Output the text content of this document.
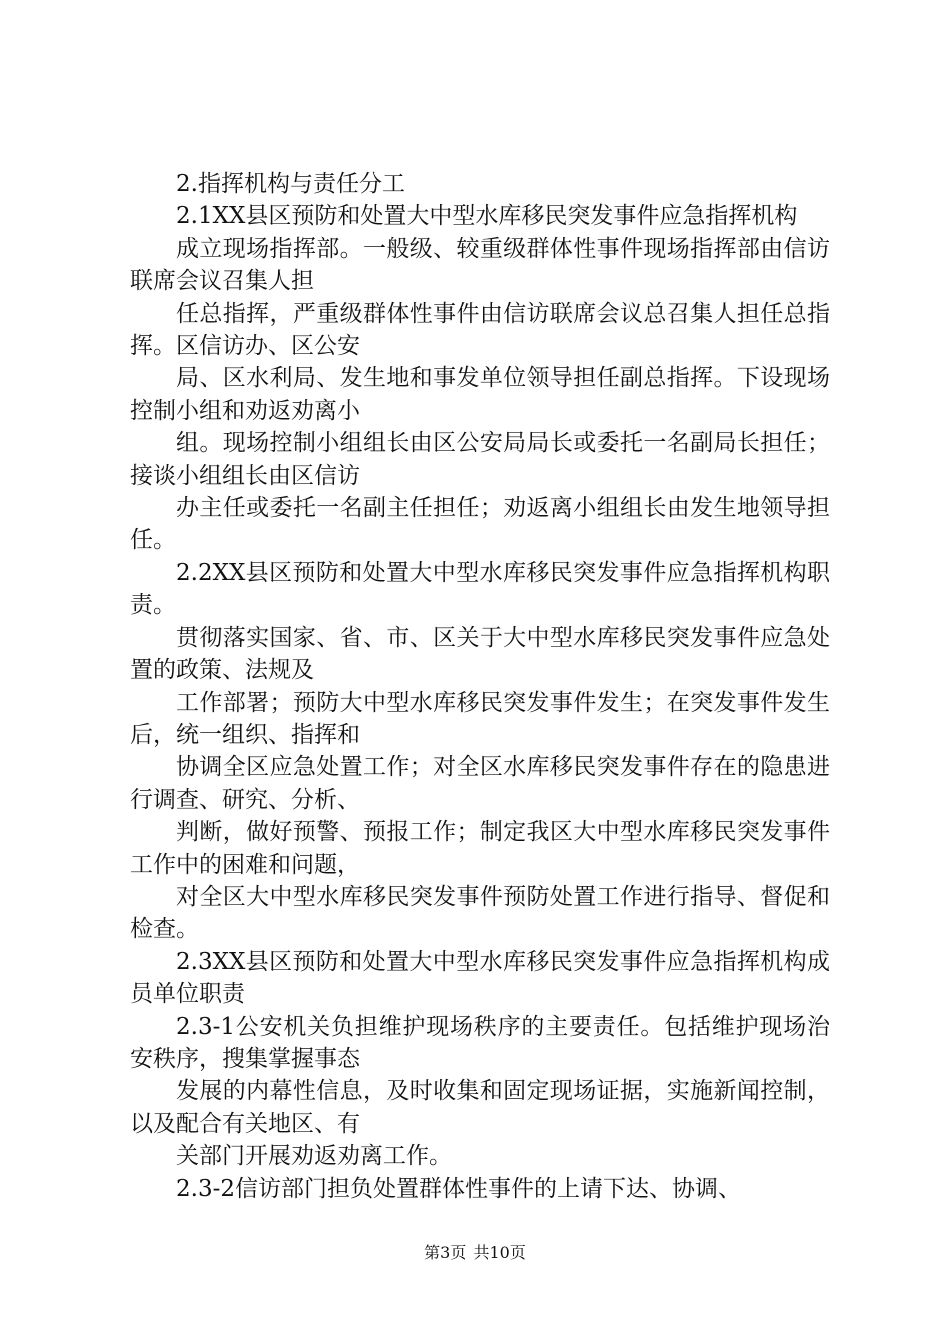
2.指挥机构与责任分工

2.1XX县区预防和处置大中型水库移民突发事件应急指挥机构

成立现场指挥部。一般级、较重级群体性事件现场指挥部由信访联席会议召集人担

任总指挥，严重级群体性事件由信访联席会议总召集人担任总指挥。区信访办、区公安

局、区水利局、发生地和事发单位领导担任副总指挥。下设现场控制小组和劝返劝离小

组。现场控制小组组长由区公安局局长或委托一名副局长担任；接谈小组组长由区信访

办主任或委托一名副主任担任；劝返离小组组长由发生地领导担任。

2.2XX县区预防和处置大中型水库移民突发事件应急指挥机构职责。

贯彻落实国家、省、市、区关于大中型水库移民突发事件应急处置的政策、法规及

工作部署；预防大中型水库移民突发事件发生；在突发事件发生后，统一组织、指挥和

协调全区应急处置工作；对全区水库移民突发事件存在的隐患进行调查、研究、分析、

判断，做好预警、预报工作；制定我区大中型水库移民突发事件工作中的困难和问题，

对全区大中型水库移民突发事件预防处置工作进行指导、督促和检查。

2.3XX县区预防和处置大中型水库移民突发事件应急指挥机构成员单位职责

2.3-1公安机关负担维护现场秩序的主要责任。包括维护现场治安秩序，搜集掌握事态

发展的内幕性信息，及时收集和固定现场证据，实施新闻控制，以及配合有关地区、有

关部门开展劝返劝离工作。

2.3-2信访部门担负处置群体性事件的上请下达、协调、

第3页 共10页
